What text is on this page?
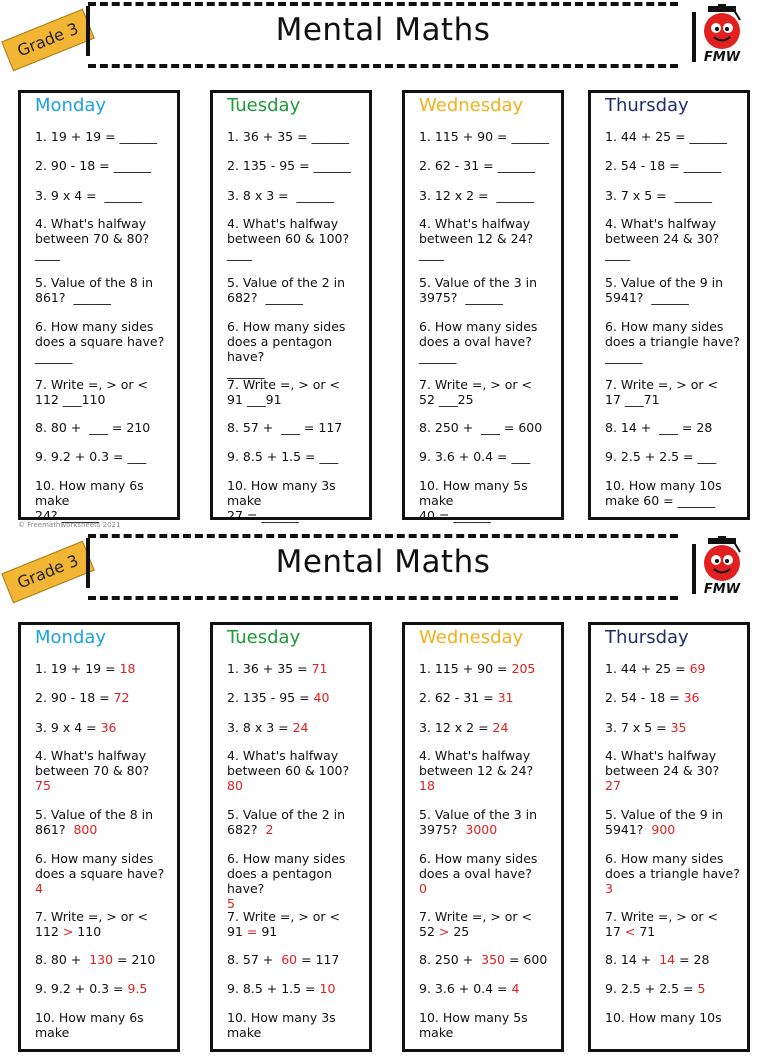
Grade 3	Mental Maths
FMW
Monday
1. 19 + 19 = ______
2. 90 - 18 = ______
3. 9 x 4 =  ______
4. What's halfway
between 70 & 80?
____
5. Value of the 8 in
861?  ______
6. How many sides
does a square have?
______
7. Write =, > or <
112 ___110
8. 80 +  ___ = 210
9. 9.2 + 0.3 = ___
10. How many 6s make
24? ______
Tuesday
1. 36 + 35 = ______
2. 135 - 95 = ______
3. 8 x 3 =  ______
4. What's halfway
between 60 & 100?
____
5. Value of the 2 in
682?  ______
6. How many sides
does a pentagon have?
______
7. Write =, > or <
91 ___91
8. 57 +  ___ = 117
9. 8.5 + 1.5 = ___
10. How many 3s make
27 = ______
Wednesday
1. 115 + 90 = ______
2. 62 - 31 = ______
3. 12 x 2 =  ______
4. What's halfway
between 12 & 24?
____
5. Value of the 3 in
3975?  ______
6. How many sides
does a oval have?
______
7. Write =, > or <
52 ___25
8. 250 +  ___ = 600
9. 3.6 + 0.4 = ___
10. How many 5s make
40 = ______
Thursday
1. 44 + 25 = ______
2. 54 - 18 = ______
3. 7 x 5 =  ______
4. What's halfway
between 24 & 30?
____
5. Value of the 9 in
5941?  ______
6. How many sides
does a triangle have?
______
7. Write =, > or <
17 ___71
8. 14 +  ___ = 28
9. 2.5 + 2.5 = ___
10. How many 10s
make 60 = ______
© Freemathworksheets 2021
Grade 3	Mental Maths
FMW
Monday
1. 19 + 19 = 18
2. 90 - 18 = 72
3. 9 x 4 = 36
4. What's halfway
between 70 & 80?
75
5. Value of the 8 in
861?  800
6. How many sides
does a square have?
4
7. Write =, > or <
112 > 110
8. 80 +  130 = 210
9. 9.2 + 0.3 = 9.5
10. How many 6s make
Tuesday
1. 36 + 35 = 71
2. 135 - 95 = 40
3. 8 x 3 = 24
4. What's halfway
between 60 & 100?
80
5. Value of the 2 in
682?  2
6. How many sides
does a pentagon have?
5
7. Write =, > or <
91 = 91
8. 57 +  60 = 117
9. 8.5 + 1.5 = 10
10. How many 3s make
Wednesday
1. 115 + 90 = 205
2. 62 - 31 = 31
3. 12 x 2 = 24
4. What's halfway
between 12 & 24?
18
5. Value of the 3 in
3975?  3000
6. How many sides
does a oval have?
0
7. Write =, > or <
52 > 25
8. 250 +  350 = 600
9. 3.6 + 0.4 = 4
10. How many 5s make
Thursday
1. 44 + 25 = 69
2. 54 - 18 = 36
3. 7 x 5 = 35
4. What's halfway
between 24 & 30?
27
5. Value of the 9 in
5941?  900
6. How many sides
does a triangle have?
3
7. Write =, > or <
17 < 71
8. 14 +  14 = 28
9. 2.5 + 2.5 = 5
10. How many 10s
